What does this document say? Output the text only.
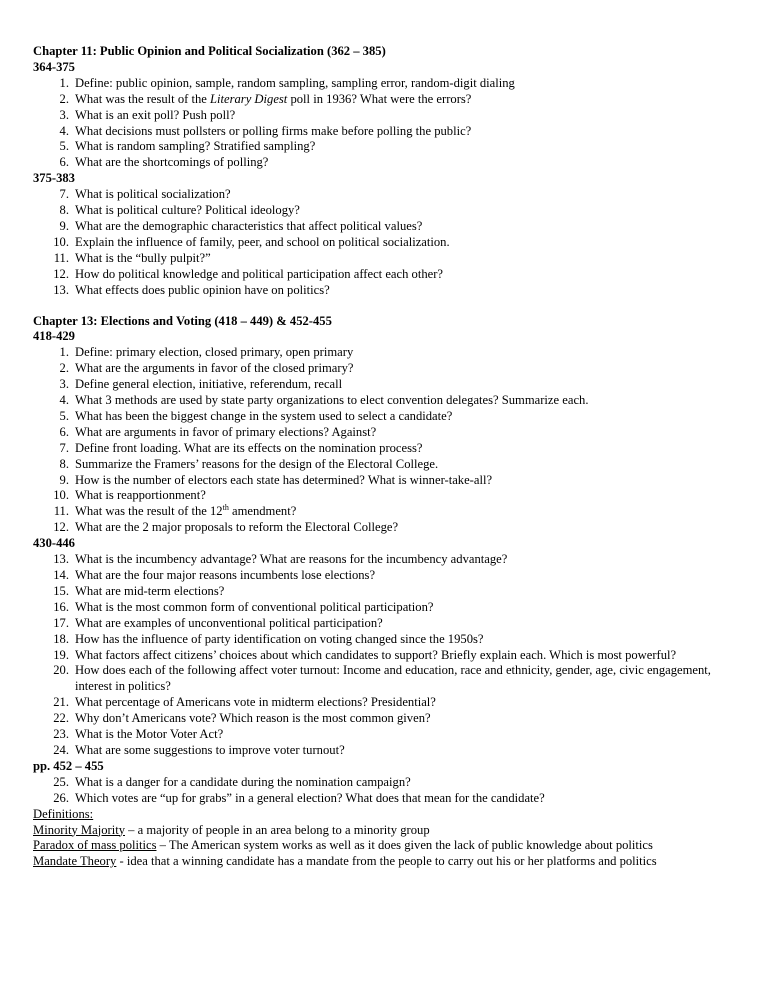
Chapter 11: Public Opinion and Political Socialization (362 – 385)
364-375
1. Define: public opinion, sample, random sampling, sampling error, random-digit dialing
2. What was the result of the Literary Digest poll in 1936? What were the errors?
3. What is an exit poll? Push poll?
4. What decisions must pollsters or polling firms make before polling the public?
5. What is random sampling? Stratified sampling?
6. What are the shortcomings of polling?
375-383
7. What is political socialization?
8. What is political culture? Political ideology?
9. What are the demographic characteristics that affect political values?
10. Explain the influence of family, peer, and school on political socialization.
11. What is the “bully pulpit?”
12. How do political knowledge and political participation affect each other?
13. What effects does public opinion have on politics?
Chapter 13: Elections and Voting (418 – 449) & 452-455
418-429
1. Define: primary election, closed primary, open primary
2. What are the arguments in favor of the closed primary?
3. Define general election, initiative, referendum, recall
4. What 3 methods are used by state party organizations to elect convention delegates? Summarize each.
5. What has been the biggest change in the system used to select a candidate?
6. What are arguments in favor of primary elections? Against?
7. Define front loading. What are its effects on the nomination process?
8. Summarize the Framers’ reasons for the design of the Electoral College.
9. How is the number of electors each state has determined? What is winner-take-all?
10. What is reapportionment?
11. What was the result of the 12th amendment?
12. What are the 2 major proposals to reform the Electoral College?
430-446
13. What is the incumbency advantage? What are reasons for the incumbency advantage?
14. What are the four major reasons incumbents lose elections?
15. What are mid-term elections?
16. What is the most common form of conventional political participation?
17. What are examples of unconventional political participation?
18. How has the influence of party identification on voting changed since the 1950s?
19. What factors affect citizens’ choices about which candidates to support? Briefly explain each. Which is most powerful?
20. How does each of the following affect voter turnout: Income and education, race and ethnicity, gender, age, civic engagement, interest in politics?
21. What percentage of Americans vote in midterm elections? Presidential?
22. Why don’t Americans vote? Which reason is the most common given?
23. What is the Motor Voter Act?
24. What are some suggestions to improve voter turnout?
pp. 452 – 455
25. What is a danger for a candidate during the nomination campaign?
26. Which votes are “up for grabs” in a general election? What does that mean for the candidate?
Definitions:
Minority Majority – a majority of people in an area belong to a minority group
Paradox of mass politics – The American system works as well as it does given the lack of public knowledge about politics
Mandate Theory - idea that a winning candidate has a mandate from the people to carry out his or her platforms and politics
